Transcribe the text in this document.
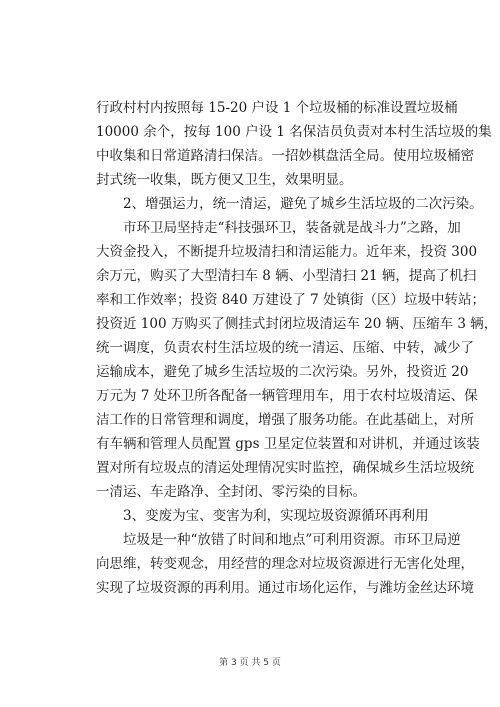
行政村村内按照每 15-20 户设 1 个垃圾桶的标准设置垃圾桶
10000 余个，按每 100 户设 1 名保洁员负责对本村生活垃圾的集
中收集和日常道路清扫保洁。一招妙棋盘活全局。使用垃圾桶密
封式统一收集，既方便又卫生，效果明显。
　　2、增强运力，统一清运，避免了城乡生活垃圾的二次污染。
　　市环卫局坚持走“科技强环卫，装备就是战斗力”之路，加
大资金投入，不断提升垃圾清扫和清运能力。近年来，投资 300
余万元，购买了大型清扫车 8 辆、小型清扫 21 辆，提高了机扫
率和工作效率；投资 840 万建设了 7 处镇街（区）垃圾中转站；
投资近 100 万购买了侧挂式封闭垃圾清运车 20 辆、压缩车 3 辆，
统一调度，负责农村生活垃圾的统一清运、压缩、中转，减少了
运输成本，避免了城乡生活垃圾的二次污染。另外，投资近 20
万元为 7 处环卫所各配备一辆管理用车，用于农村垃圾清运、保
洁工作的日常管理和调度，增强了服务功能。在此基础上，对所
有车辆和管理人员配置 gps 卫星定位装置和对讲机，并通过该装
置对所有垃圾点的清运处理情况实时监控，确保城乡生活垃圾统
一清运、车走路净、全封闭、零污染的目标。
　　3、变废为宝、变害为利，实现垃圾资源循环再利用
　　垃圾是一种“放错了时间和地点”可利用资源。市环卫局逆
向思维，转变观念，用经营的理念对垃圾资源进行无害化处理，
实现了垃圾资源的再利用。通过市场化运作，与潍坊金丝达环境
第 3 页 共 5 页
